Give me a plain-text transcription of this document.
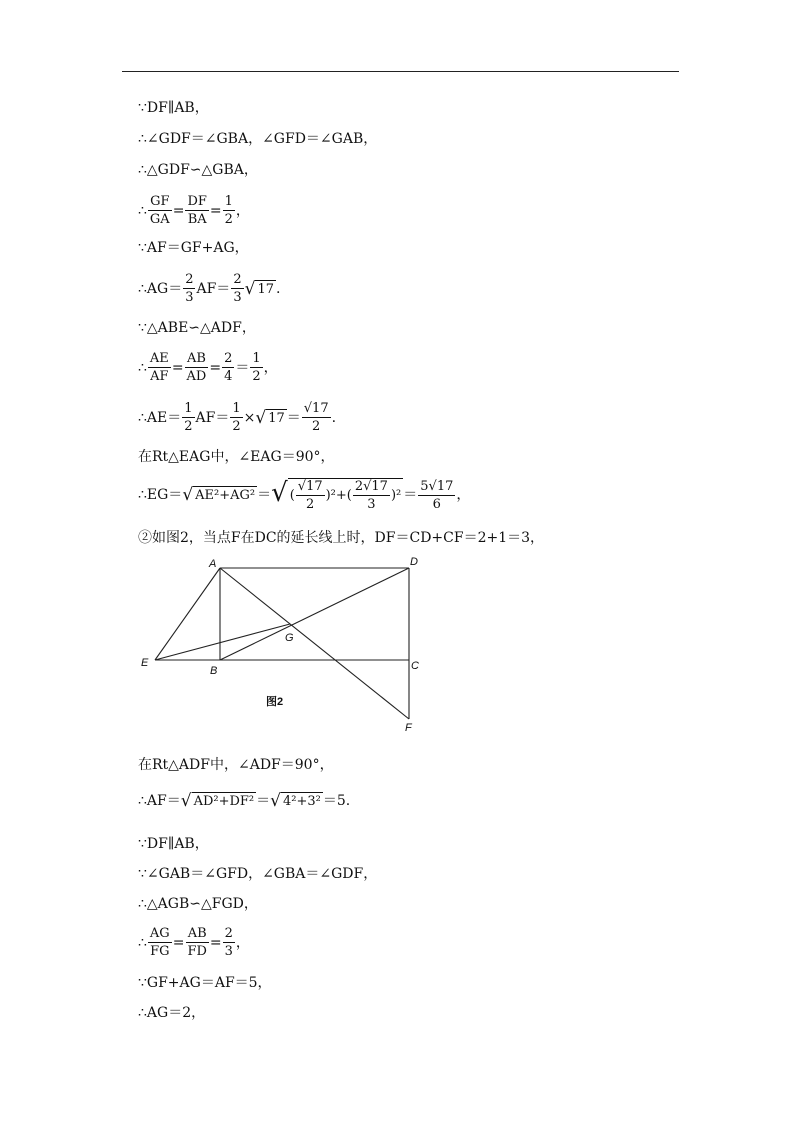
∵DF∥AB，
∴∠GDF＝∠GBA，∠GFD＝∠GAB，
∴△GDF∽△GBA，
∴ $\frac{GF}{GA} = \frac{DF}{BA} = \frac{1}{2}$ ，
∵AF＝GF+AG，
∴AG＝ $\frac{2}{3} AF= \frac{2}{3}$ √ 17 .
∵△ABE∽△ADF，
∴ $\frac{AE}{AF} = \frac{AB}{AD} = \frac{2}{4} = \frac{1}{2}$ ，
∴AE＝ $\frac{1}{2} AF= \frac{1}{2}$ × √ $17 = \frac{√17}{2}$ .
在Rt△EAG中，∠EAG＝90°，
∴EG＝ √ AE²+AG² ＝ √ ( $\frac{√17}{2} )^2+( \frac{2√17}{3} )^2 = \frac{5√17}{6}$ ，
②如图2，当点F在DC的延长线上时，DF＝CD+CF＝2+1＝3，
A	D
G
E
B	C
F
图2
在Rt△ADF中，∠ADF＝90°，
∴AF＝ √ AD²+DF² ＝ √ 4²+3² ＝5.
∵DF∥AB，
∵∠GAB＝∠GFD，∠GBA＝∠GDF，
∴△AGB∽△FGD，
∴ $\frac{AG}{FG} = \frac{AB}{FD} = \frac{2}{3}$ ，
∵GF+AG＝AF＝5，
∴AG＝2，
